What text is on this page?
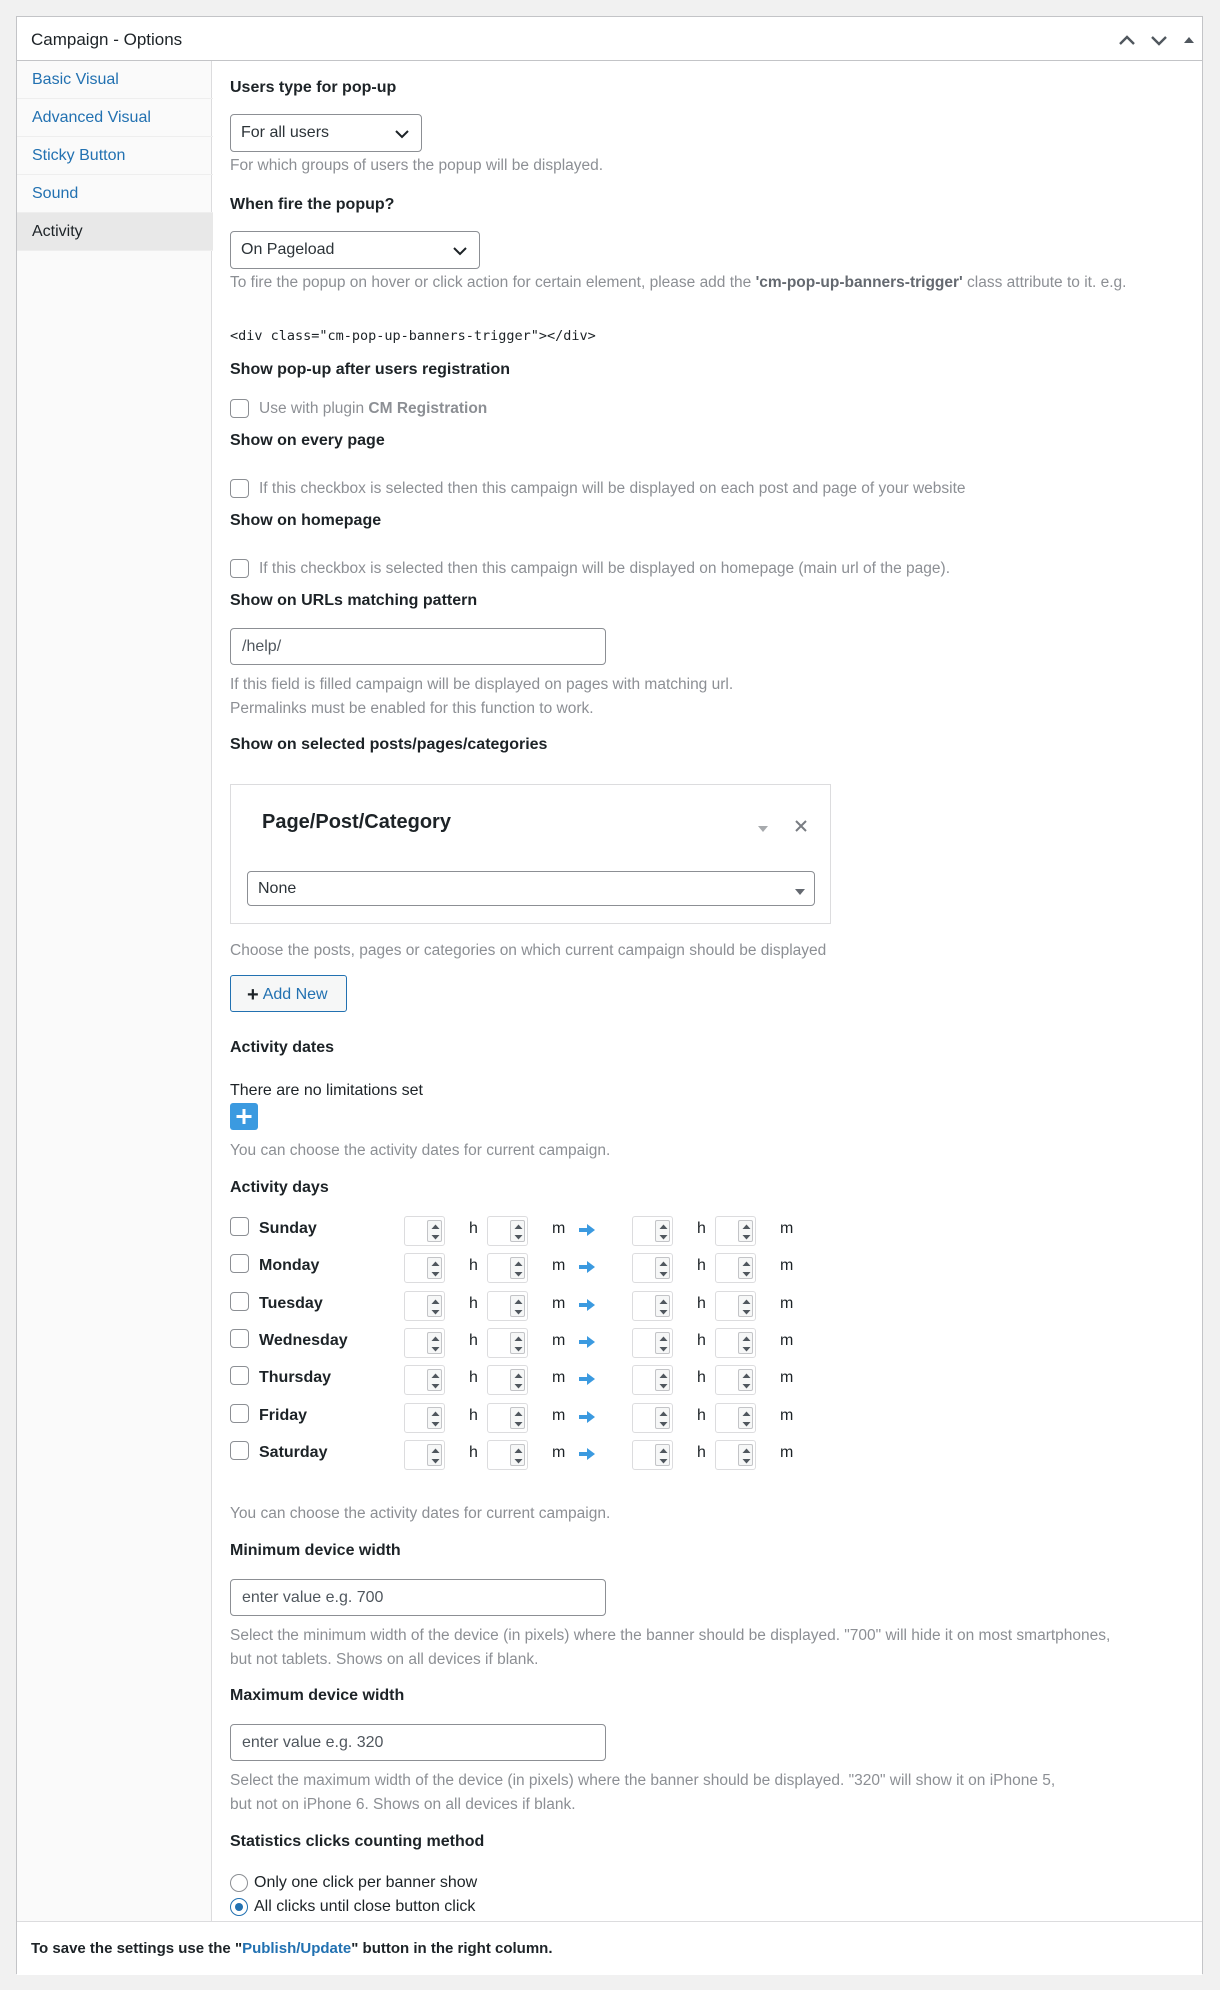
Campaign - Options
Basic Visual
Advanced Visual
Sticky Button
Sound
Activity
Users type for pop-up
For all users
For which groups of users the popup will be displayed.
When fire the popup?
On Pageload
To fire the popup on hover or click action for certain element, please add the 'cm-pop-up-banners-trigger' class attribute to it. e.g.
<div class="cm-pop-up-banners-trigger"></div>
Show pop-up after users registration
Use with plugin CM Registration
Show on every page
If this checkbox is selected then this campaign will be displayed on each post and page of your website
Show on homepage
If this checkbox is selected then this campaign will be displayed on homepage (main url of the page).
Show on URLs matching pattern
/help/
If this field is filled campaign will be displayed on pages with matching url.
Permalinks must be enabled for this function to work.
Show on selected posts/pages/categories
Page/Post/Category
None
Choose the posts, pages or categories on which current campaign should be displayed
+ Add New
Activity dates
There are no limitations set
You can choose the activity dates for current campaign.
Activity days
Sunday	h	m	h	m
Monday	h	m	h	m
Tuesday	h	m	h	m
Wednesday	h	m	h	m
Thursday	h	m	h	m
Friday	h	m	h	m
Saturday	h	m	h	m
You can choose the activity dates for current campaign.
Minimum device width
enter value e.g. 700
Select the minimum width of the device (in pixels) where the banner should be displayed. "700" will hide it on most smartphones,
but not tablets. Shows on all devices if blank.
Maximum device width
enter value e.g. 320
Select the maximum width of the device (in pixels) where the banner should be displayed. "320" will show it on iPhone 5,
but not on iPhone 6. Shows on all devices if blank.
Statistics clicks counting method
Only one click per banner show
All clicks until close button click
To save the settings use the "Publish/Update" button in the right column.
